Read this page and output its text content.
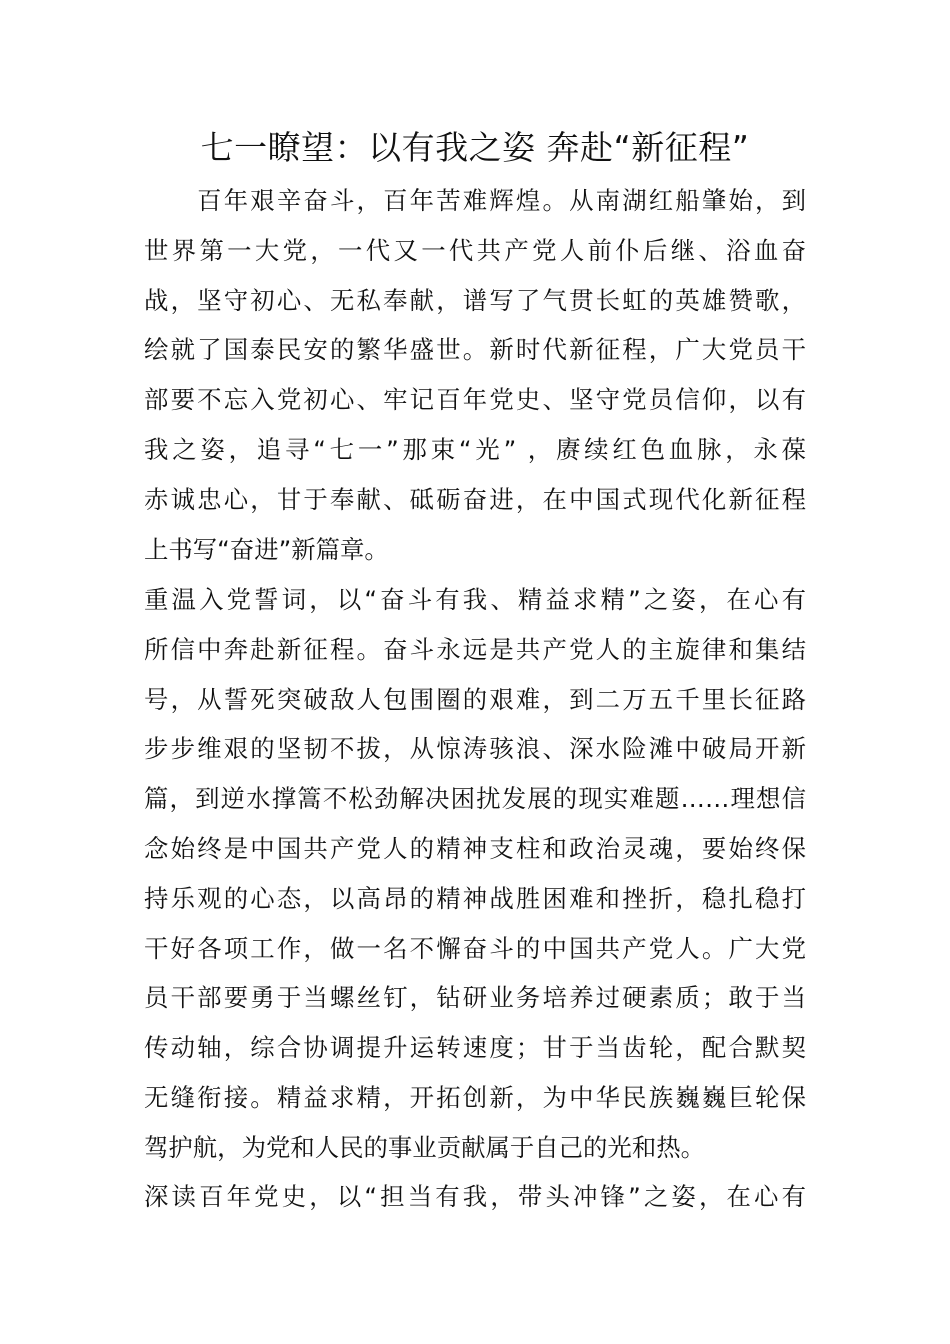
七一瞭望：以有我之姿 奔赴“新征程”

　　百年艰辛奋斗，百年苦难辉煌。从南湖红船肇始，到
世界第一大党，一代又一代共产党人前仆后继、浴血奋
战，坚守初心、无私奉献，谱写了气贯长虹的英雄赞歌，
绘就了国泰民安的繁华盛世。新时代新征程，广大党员干
部要不忘入党初心、牢记百年党史、坚守党员信仰，以有
我之姿，追寻“七一”那束“光” ，赓续红色血脉，永葆
赤诚忠心，甘于奉献、砥砺奋进，在中国式现代化新征程
上书写“奋进”新篇章。

重温入党誓词，以“奋斗有我、精益求精”之姿，在心有
所信中奔赴新征程。奋斗永远是共产党人的主旋律和集结
号，从誓死突破敌人包围圈的艰难，到二万五千里长征路
步步维艰的坚韧不拔，从惊涛骇浪、深水险滩中破局开新
篇，到逆水撑篙不松劲解决困扰发展的现实难题……理想信
念始终是中国共产党人的精神支柱和政治灵魂，要始终保
持乐观的心态，以高昂的精神战胜困难和挫折，稳扎稳打
干好各项工作，做一名不懈奋斗的中国共产党人。广大党
员干部要勇于当螺丝钉，钻研业务培养过硬素质；敢于当
传动轴，综合协调提升运转速度；甘于当齿轮，配合默契
无缝衔接。精益求精，开拓创新，为中华民族巍巍巨轮保
驾护航，为党和人民的事业贡献属于自己的光和热。

深读百年党史，以“担当有我，带头冲锋”之姿，在心有
